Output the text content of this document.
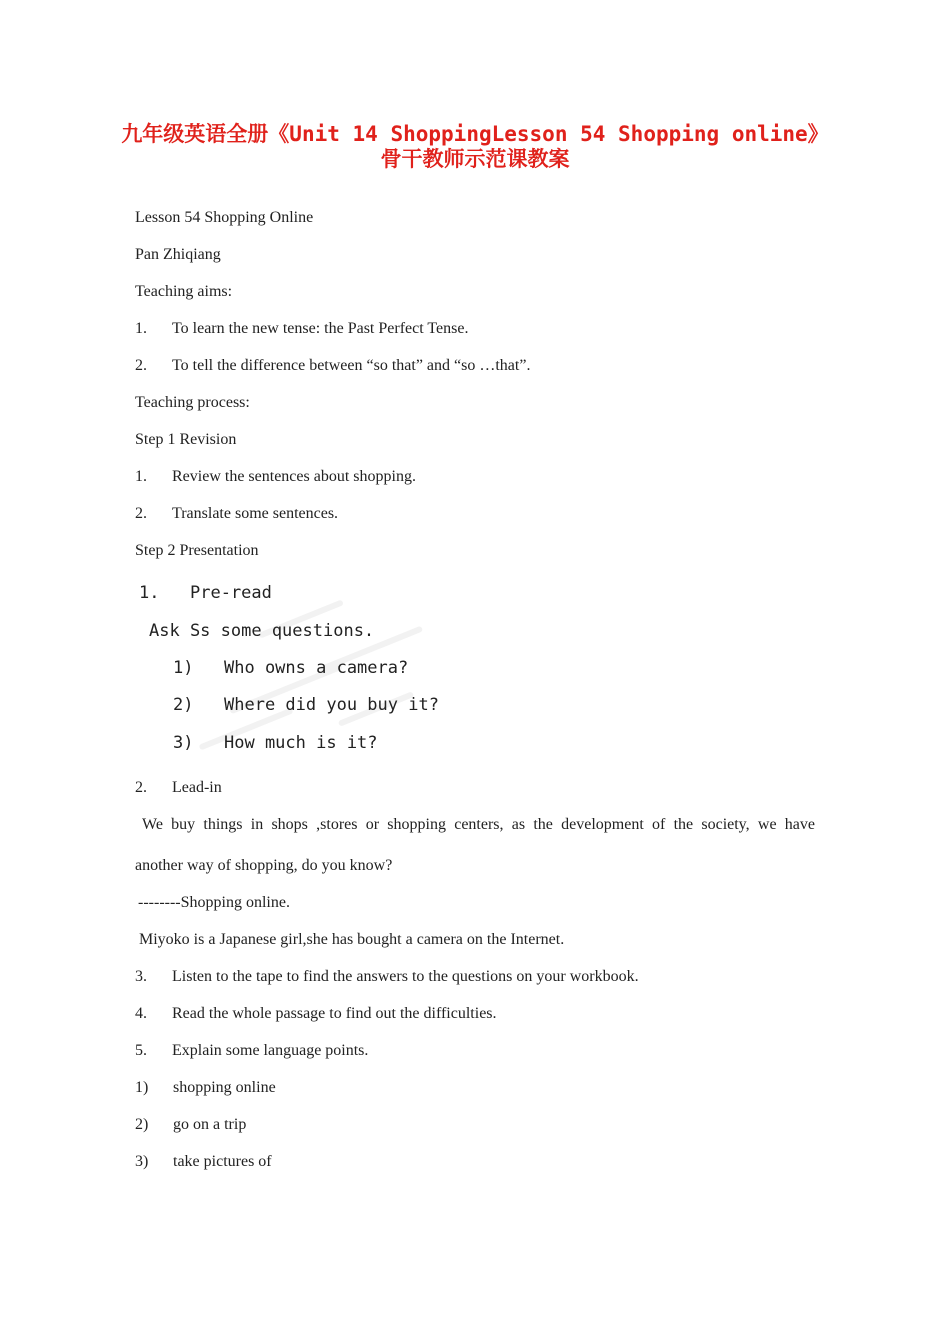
九年级英语全册《Unit 14 ShoppingLesson 54 Shopping online》
骨干教师示范课教案
Lesson 54 Shopping Online
Pan Zhiqiang
Teaching aims:
1. To learn the new tense: the Past Perfect Tense.
2. To tell the difference between “so that” and “so …that”.
Teaching process:
Step 1 Revision
1. Review the sentences about shopping.
2. Translate some sentences.
Step 2 Presentation
1. Pre-read
Ask Ss some questions.
1) Who owns a camera?
2) Where did you buy it?
3) How much is it?
2. Lead-in
We buy things in shops ,stores or shopping centers, as the development of the society, we have
another way of shopping, do you know?
--------Shopping online.
Miyoko is a Japanese girl,she has bought a camera on the Internet.
3. Listen to the tape to find the answers to the questions on your workbook.
4. Read the whole passage to find out the difficulties.
5. Explain some language points.
1) shopping online
2) go on a trip
3) take pictures of
